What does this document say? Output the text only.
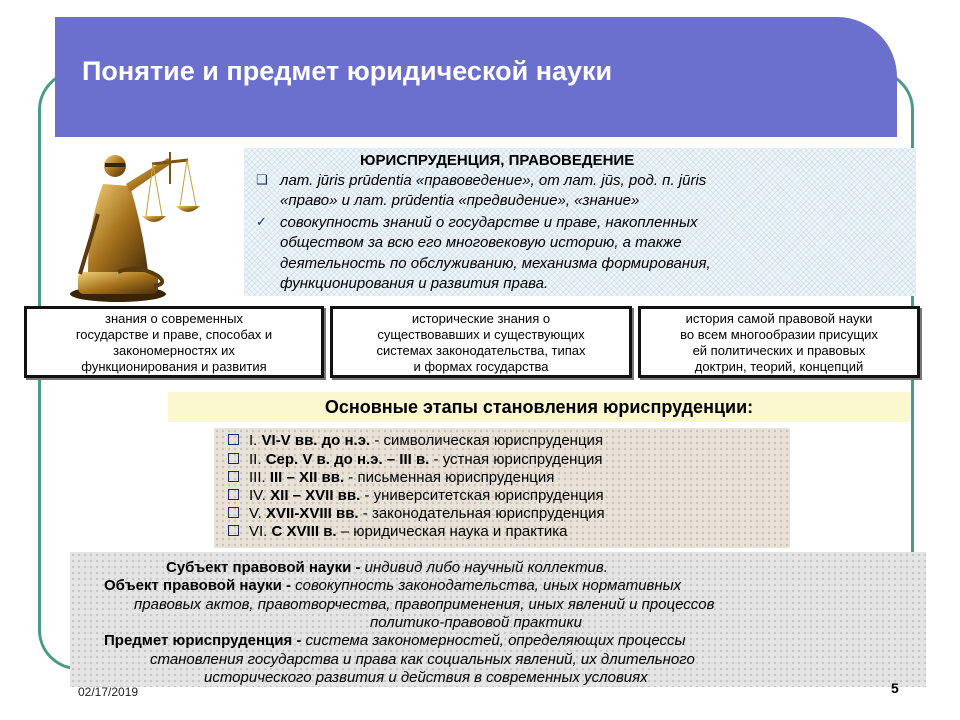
Понятие и предмет юридической науки
ЮРИСПРУДЕНЦИЯ, ПРАВОВЕДЕНИЕ
❑ лат. jūris prūdentia «правоведение», от лат. jūs, род. п. jūris
«право» и лат. prūdentia «предвидение», «знание»
✓ совокупность знаний о государстве и праве, накопленных
обществом за всю его многовековую историю, а также
деятельность по обслуживанию, механизма формирования,
функционирования и развития права.
знания о современных
государстве и праве, способах и
закономерностях их
функционирования и развития
исторические знания о
существовавших и существующих
системах законодательства, типах
и формах государства
история самой правовой науки
во всем многообразии присущих
ей политических и правовых
доктрин, теорий, концепций
Основные этапы становления юриспруденции:
I. VI-V вв. до н.э. - символическая юриспруденция
II. Сер. V в. до н.э. – III в. - устная юриспруденция
III. III – XII вв. - письменная юриспруденция
IV. XII – XVII вв. - университетская юриспруденция
V. XVII-XVIII вв. - законодательная юриспруденция
VI. С XVIII в. – юридическая наука и практика
Субъект правовой науки - индивид либо научный коллектив.
Объект правовой науки - совокупность законодательства, иных нормативных
правовых актов, правотворчества, правоприменения, иных явлений и процессов
политико-правовой практики
Предмет юриспруденция - система закономерностей, определяющих процессы
становления государства и права как социальных явлений, их длительного
исторического развития и действия в современных условиях
02/17/2019	5
